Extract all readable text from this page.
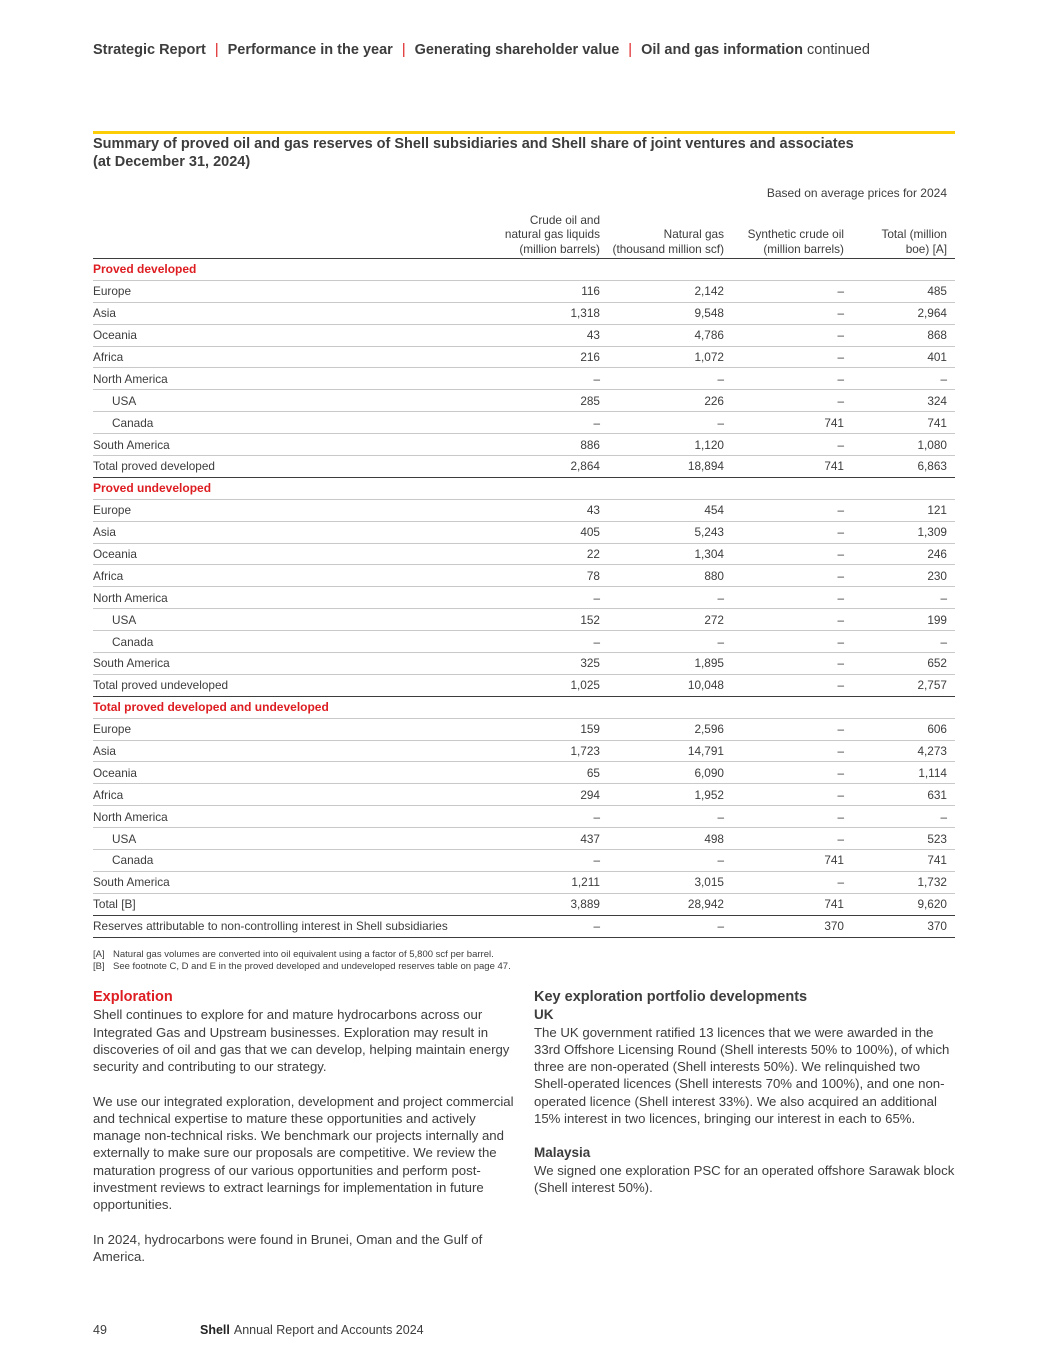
Strategic Report | Performance in the year | Generating shareholder value | Oil and gas information continued
Summary of proved oil and gas reserves of Shell subsidiaries and Shell share of joint ventures and associates
(at December 31, 2024)
Based on average prices for 2024
Crude oil and
natural gas liquids
(million barrels)
Natural gas
(thousand million scf)
Synthetic crude oil
(million barrels)
Total (million
boe) [A]
Proved developed
Europe	116	2,142	–	485
Asia	1,318	9,548	–	2,964
Oceania	43	4,786	–	868
Africa	216	1,072	–	401
North America	–	–	–	–
USA	285	226	–	324
Canada	–	–	741	741
South America	886	1,120	–	1,080
Total proved developed	2,864	18,894	741	6,863
Proved undeveloped
Europe	43	454	–	121
Asia	405	5,243	–	1,309
Oceania	22	1,304	–	246
Africa	78	880	–	230
North America	–	–	–	–
USA	152	272	–	199
Canada	–	–	–	–
South America	325	1,895	–	652
Total proved undeveloped	1,025	10,048	–	2,757
Total proved developed and undeveloped
Europe	159	2,596	–	606
Asia	1,723	14,791	–	4,273
Oceania	65	6,090	–	1,114
Africa	294	1,952	–	631
North America	–	–	–	–
USA	437	498	–	523
Canada	–	–	741	741
South America	1,211	3,015	–	1,732
Total [B]	3,889	28,942	741	9,620
Reserves attributable to non-controlling interest in Shell subsidiaries	–	–	370	370
[A] Natural gas volumes are converted into oil equivalent using a factor of 5,800 scf per barrel.
[B] See footnote C, D and E in the proved developed and undeveloped reserves table on page 47.
Exploration

Shell continues to explore for and mature hydrocarbons across our Integrated Gas and Upstream businesses. Exploration may result in discoveries of oil and gas that we can develop, helping maintain energy security and contributing to our strategy.

We use our integrated exploration, development and project commercial and technical expertise to mature these opportunities and actively manage non-technical risks. We benchmark our projects internally and externally to make sure our proposals are competitive. We review the maturation progress of our various opportunities and perform post-investment reviews to extract learnings for implementation in future opportunities.

In 2024, hydrocarbons were found in Brunei, Oman and the Gulf of America.

Key exploration portfolio developments
UK

The UK government ratified 13 licences that we were awarded in the 33rd Offshore Licensing Round (Shell interests 50% to 100%), of which three are non-operated (Shell interests 50%). We relinquished two Shell-operated licences (Shell interests 70% and 100%), and one non-operated licence (Shell interest 33%). We also acquired an additional 15% interest in two licences, bringing our interest in each to 65%.

Malaysia

We signed one exploration PSC for an operated offshore Sarawak block (Shell interest 50%).

49	Shell Annual Report and Accounts 2024
